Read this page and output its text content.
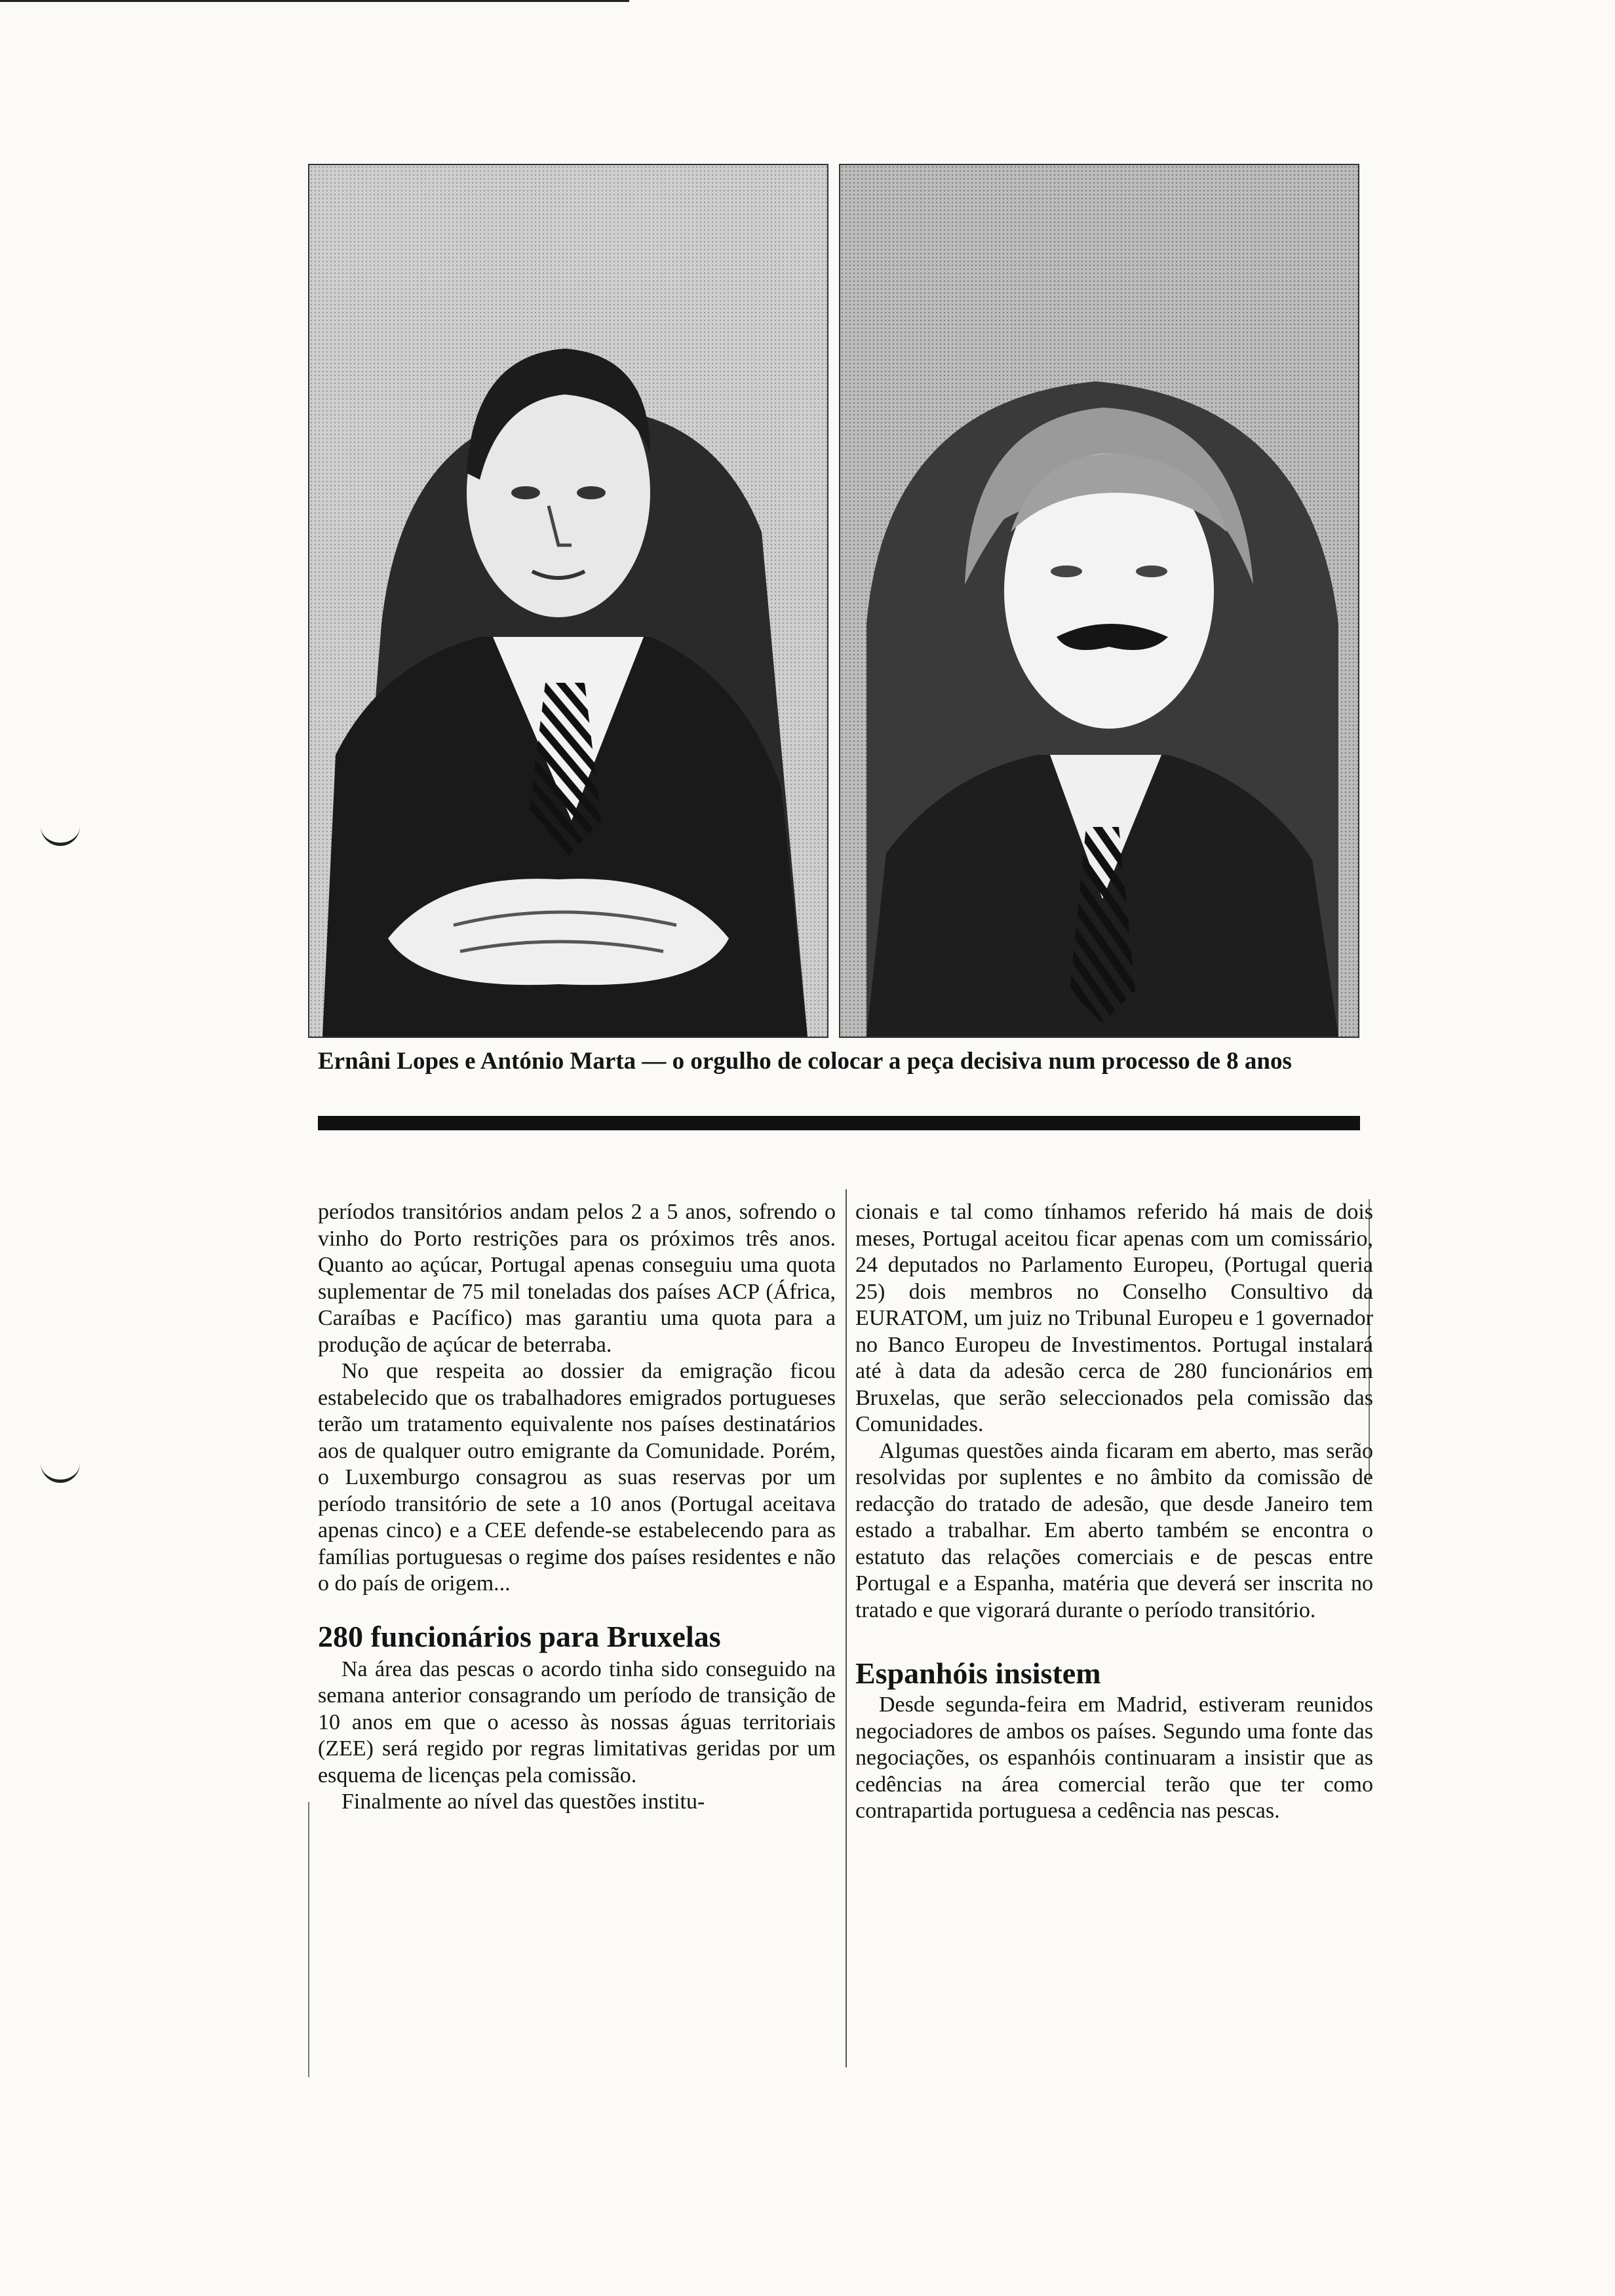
Ernâni Lopes e António Marta — o orgulho de colocar a peça decisiva num processo de 8 anos

períodos transitórios andam pelos 2 a 5 anos, sofrendo o vinho do Porto restrições para os próximos três anos. Quanto ao açúcar, Portugal apenas conseguiu uma quota suplementar de 75 mil toneladas dos países ACP (África, Caraíbas e Pacífico) mas garantiu uma quota para a produção de açúcar de beterraba.

No que respeita ao dossier da emigração ficou estabelecido que os trabalhadores emigrados portugueses terão um tratamento equivalente nos países destinatários aos de qualquer outro emigrante da Comunidade. Porém, o Luxemburgo consagrou as suas reservas por um período transitório de sete a 10 anos (Portugal aceitava apenas cinco) e a CEE defende-se estabelecendo para as famílias portuguesas o regime dos países residentes e não o do país de origem...

280 funcionários para Bruxelas

Na área das pescas o acordo tinha sido conseguido na semana anterior consagrando um período de transição de 10 anos em que o acesso às nossas águas territoriais (ZEE) será regido por regras limitativas geridas por um esquema de licenças pela comissão.

Finalmente ao nível das questões institu-

cionais e tal como tínhamos referido há mais de dois meses, Portugal aceitou ficar apenas com um comissário, 24 deputados no Parlamento Europeu, (Portugal queria 25) dois membros no Conselho Consultivo da EURATOM, um juiz no Tribunal Europeu e 1 governador no Banco Europeu de Investimentos. Portugal instalará até à data da adesão cerca de 280 funcionários em Bruxelas, que serão seleccionados pela comissão das Comunidades.

Algumas questões ainda ficaram em aberto, mas serão resolvidas por suplentes e no âmbito da comissão de redacção do tratado de adesão, que desde Janeiro tem estado a trabalhar. Em aberto também se encontra o estatuto das relações comerciais e de pescas entre Portugal e a Espanha, matéria que deverá ser inscrita no tratado e que vigorará durante o período transitório.

Espanhóis insistem

Desde segunda-feira em Madrid, estiveram reunidos negociadores de ambos os países. Segundo uma fonte das negociações, os espanhóis continuaram a insistir que as cedências na área comercial terão que ter como contrapartida portuguesa a cedência nas pescas.
